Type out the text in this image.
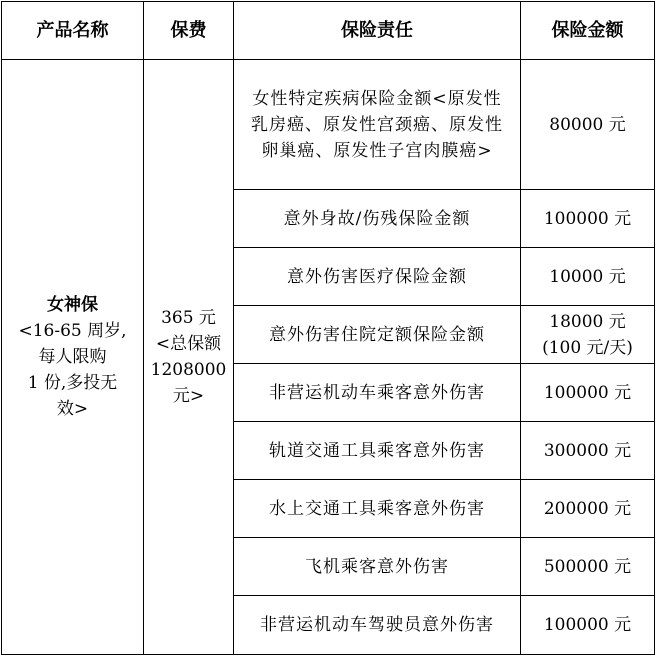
产品名称	保费	保险责任	保险金额

女神保
<16-65 周岁,
每人限购
1 份,多投无
效>	365 元
<总保额
1208000
元>	女性特定疾病保险金额<原发性乳房癌、原发性宫颈癌、原发性卵巢癌、原发性子宫肉膜癌>	80000 元

		意外身故/伤残保险金额	100000 元

		意外伤害医疗保险金额	10000 元

		意外伤害住院定额保险金额	18000 元
(100 元/天)

		非营运机动车乘客意外伤害	100000 元

		轨道交通工具乘客意外伤害	300000 元

		水上交通工具乘客意外伤害	200000 元

		飞机乘客意外伤害	500000 元

		非营运机动车驾驶员意外伤害	100000 元
